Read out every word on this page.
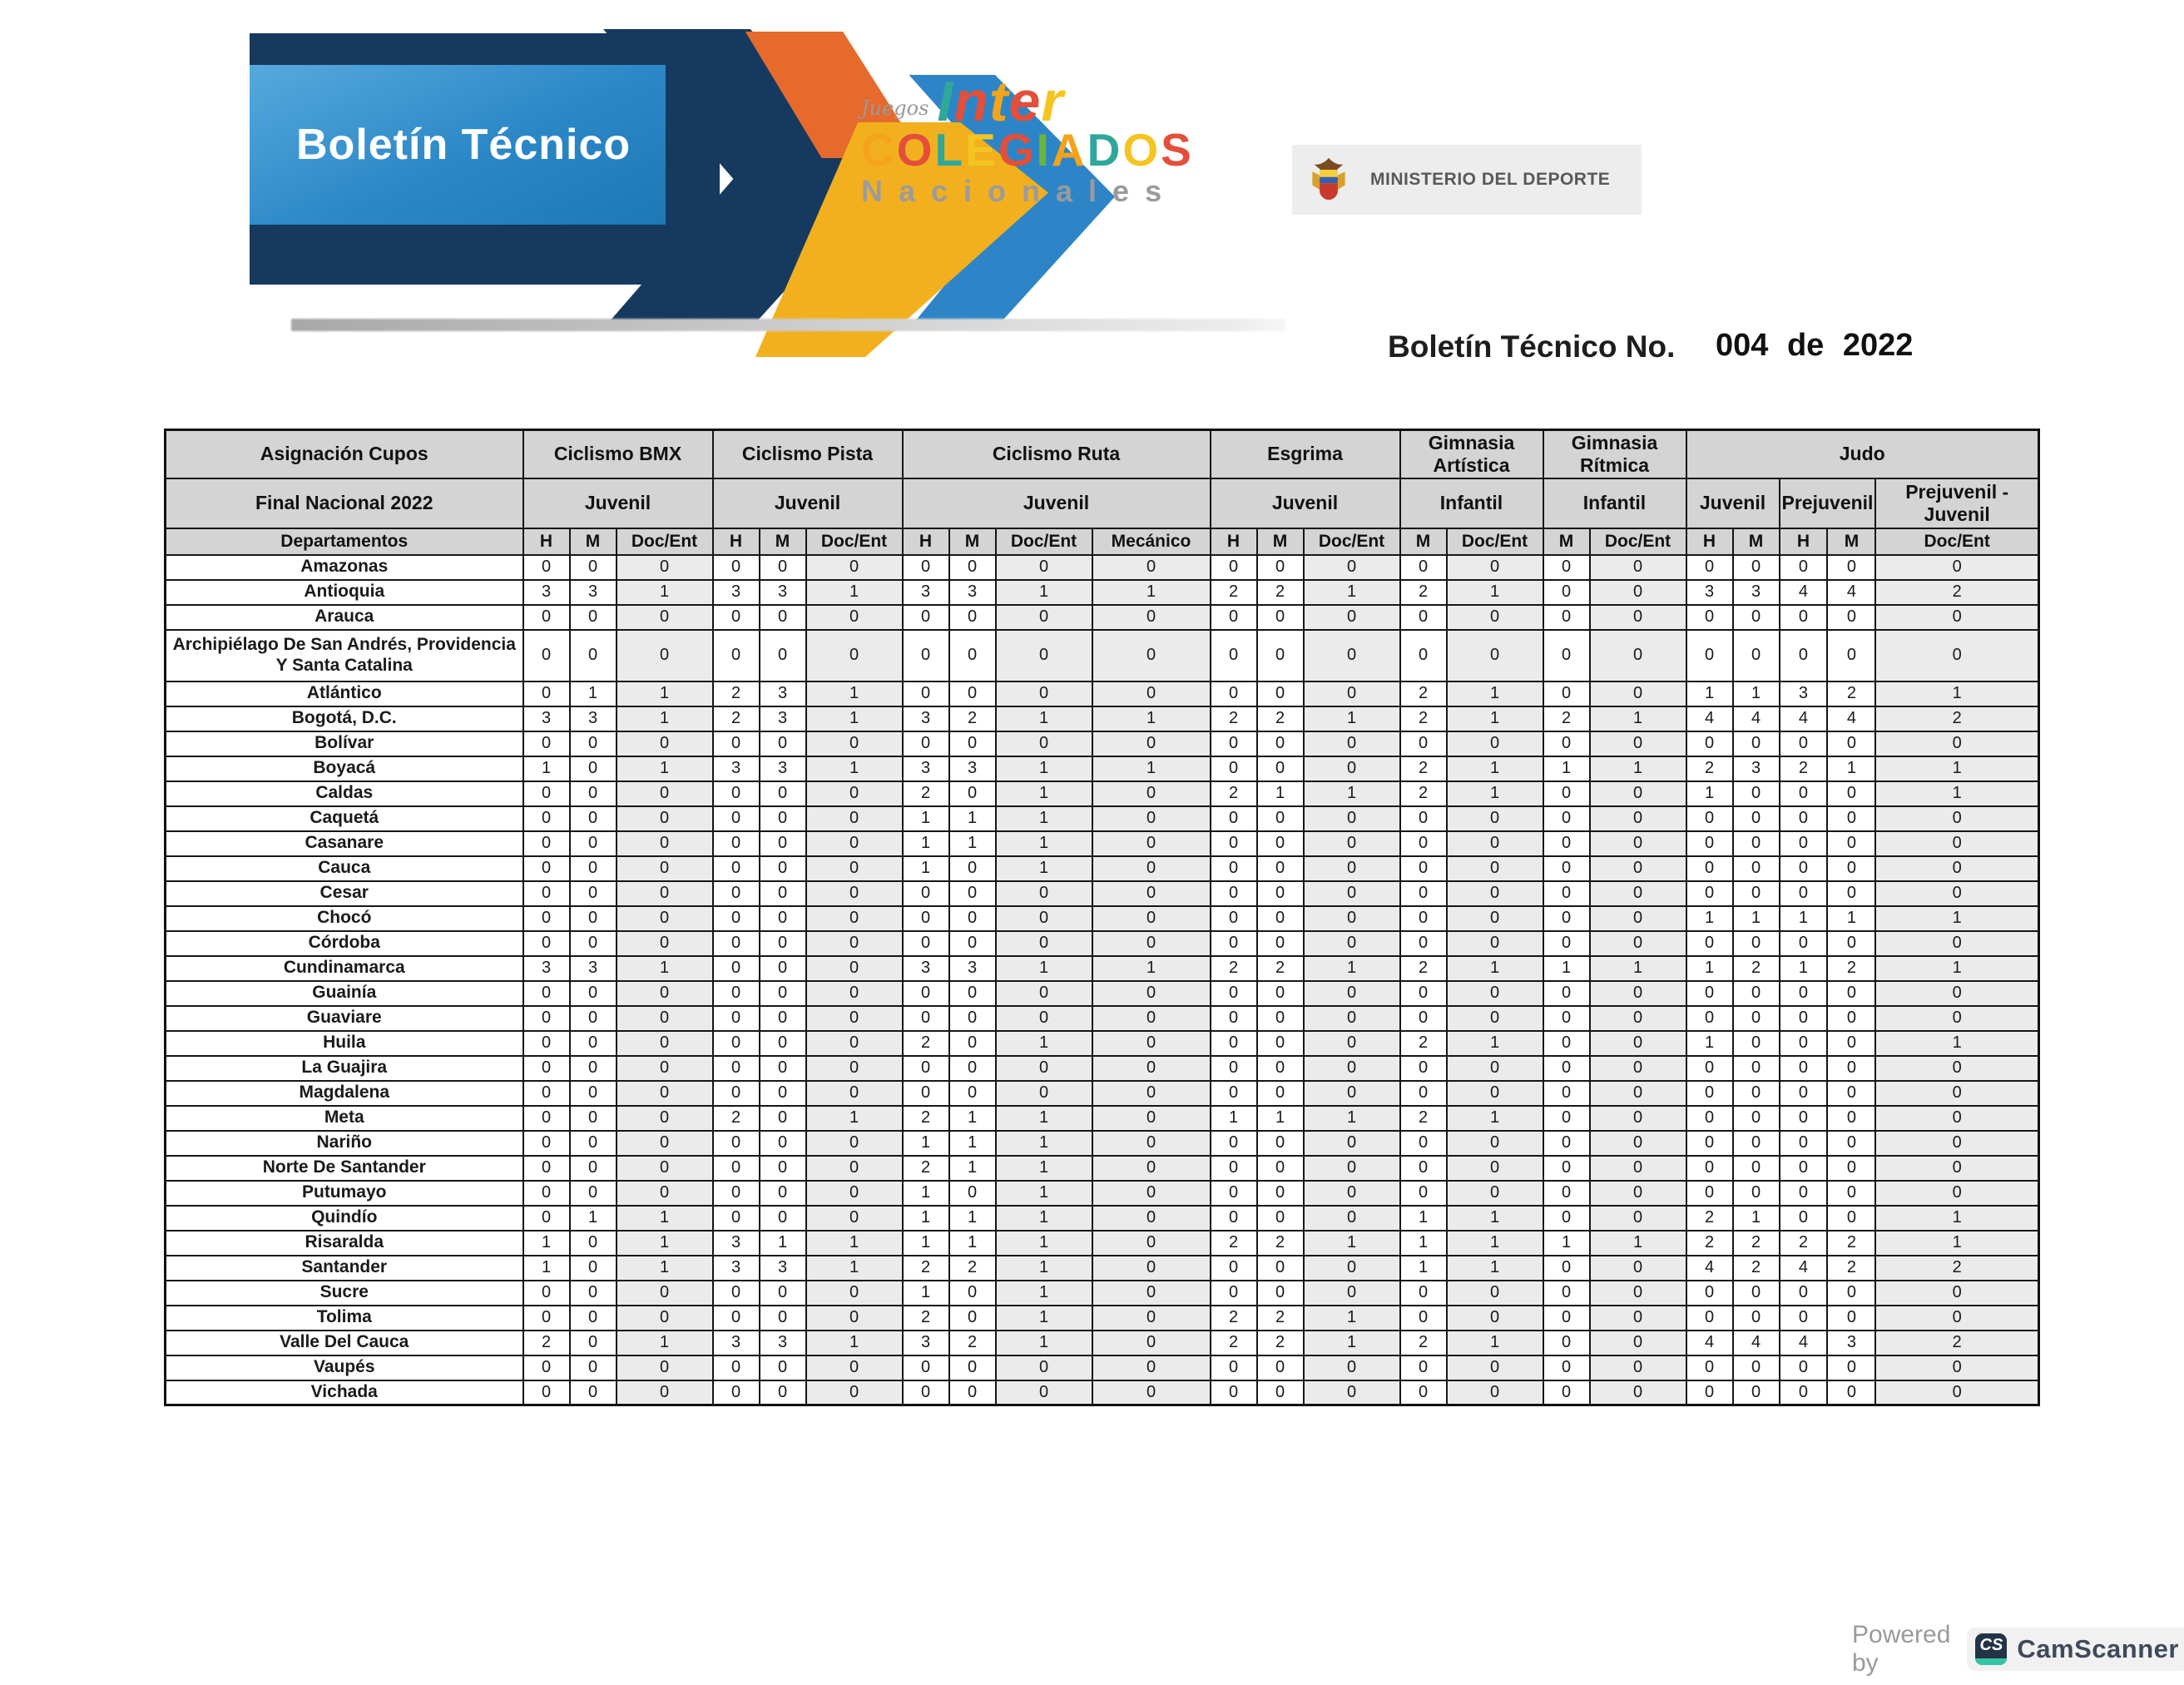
Boletín Técnico
Juegos Inter
COLEGIADOS
Nacionales	MINISTERIO DEL DEPORTE
Boletín Técnico No. 004 de 2022
Asignación Cupos	Ciclismo BMX			Ciclismo Pista			Ciclismo Ruta				Esgrima			Gimnasia Artística		Gimnasia Rítmica		Judo				
Final Nacional 2022	Juvenil			Juvenil			Juvenil				Juvenil			Infantil		Infantil		Juvenil		Prejuvenil		Prejuvenil - Juvenil
Departamentos	H	M	Doc/Ent	H	M	Doc/Ent	H	M	Doc/Ent	Mecánico	H	M	Doc/Ent	M	Doc/Ent	M	Doc/Ent	H	M	H	M	Doc/Ent
Amazonas	0	0	0	0	0	0	0	0	0	0	0	0	0	0	0	0	0	0	0	0	0	0
Antioquia	3	3	1	3	3	1	3	3	1	1	2	2	1	2	1	0	0	3	3	4	4	2
Arauca	0	0	0	0	0	0	0	0	0	0	0	0	0	0	0	0	0	0	0	0	0	0
Archipiélago De San Andrés, Providencia Y Santa Catalina	0	0	0	0	0	0	0	0	0	0	0	0	0	0	0	0	0	0	0	0	0	0
Atlántico	0	1	1	2	3	1	0	0	0	0	0	0	0	2	1	0	0	1	1	3	2	1
Bogotá, D.C.	3	3	1	2	3	1	3	2	1	1	2	2	1	2	1	2	1	4	4	4	4	2
Bolívar	0	0	0	0	0	0	0	0	0	0	0	0	0	0	0	0	0	0	0	0	0	0
Boyacá	1	0	1	3	3	1	3	3	1	1	0	0	0	2	1	1	1	2	3	2	1	1
Caldas	0	0	0	0	0	0	2	0	1	0	2	1	1	2	1	0	0	1	0	0	0	1
Caquetá	0	0	0	0	0	0	1	1	1	0	0	0	0	0	0	0	0	0	0	0	0	0
Casanare	0	0	0	0	0	0	1	1	1	0	0	0	0	0	0	0	0	0	0	0	0	0
Cauca	0	0	0	0	0	0	1	0	1	0	0	0	0	0	0	0	0	0	0	0	0	0
Cesar	0	0	0	0	0	0	0	0	0	0	0	0	0	0	0	0	0	0	0	0	0	0
Chocó	0	0	0	0	0	0	0	0	0	0	0	0	0	0	0	0	0	1	1	1	1	1
Córdoba	0	0	0	0	0	0	0	0	0	0	0	0	0	0	0	0	0	0	0	0	0	0
Cundinamarca	3	3	1	0	0	0	3	3	1	1	2	2	1	2	1	1	1	1	2	1	2	1
Guainía	0	0	0	0	0	0	0	0	0	0	0	0	0	0	0	0	0	0	0	0	0	0
Guaviare	0	0	0	0	0	0	0	0	0	0	0	0	0	0	0	0	0	0	0	0	0	0
Huila	0	0	0	0	0	0	2	0	1	0	0	0	0	2	1	0	0	1	0	0	0	1
La Guajira	0	0	0	0	0	0	0	0	0	0	0	0	0	0	0	0	0	0	0	0	0	0
Magdalena	0	0	0	0	0	0	0	0	0	0	0	0	0	0	0	0	0	0	0	0	0	0
Meta	0	0	0	2	0	1	2	1	1	0	1	1	1	2	1	0	0	0	0	0	0	0
Nariño	0	0	0	0	0	0	1	1	1	0	0	0	0	0	0	0	0	0	0	0	0	0
Norte De Santander	0	0	0	0	0	0	2	1	1	0	0	0	0	0	0	0	0	0	0	0	0	0
Putumayo	0	0	0	0	0	0	1	0	1	0	0	0	0	0	0	0	0	0	0	0	0	0
Quindío	0	1	1	0	0	0	1	1	1	0	0	0	0	1	1	0	0	2	1	0	0	1
Risaralda	1	0	1	3	1	1	1	1	1	0	2	2	1	1	1	1	1	2	2	2	2	1
Santander	1	0	1	3	3	1	2	2	1	0	0	0	0	1	1	0	0	4	2	4	2	2
Sucre	0	0	0	0	0	0	1	0	1	0	0	0	0	0	0	0	0	0	0	0	0	0
Tolima	0	0	0	0	0	0	2	0	1	0	2	2	1	0	0	0	0	0	0	0	0	0
Valle Del Cauca	2	0	1	3	3	1	3	2	1	0	2	2	1	2	1	0	0	4	4	4	3	2
Vaupés	0	0	0	0	0	0	0	0	0	0	0	0	0	0	0	0	0	0	0	0	0	0
Vichada	0	0	0	0	0	0	0	0	0	0	0	0	0	0	0	0	0	0	0	0	0	0
Powered by
CS CamScanner
